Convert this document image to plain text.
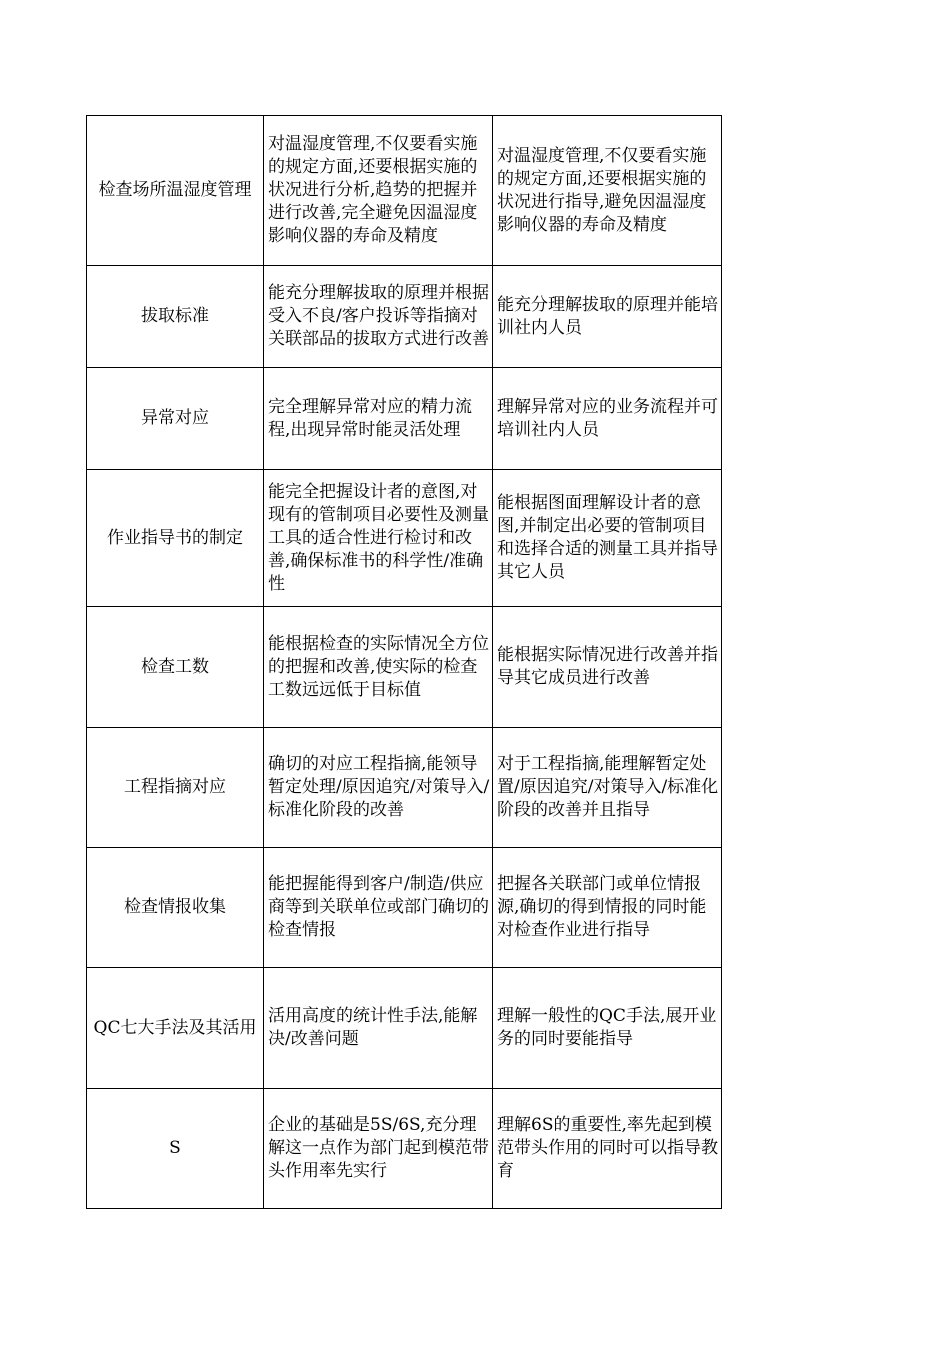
检查场所温湿度管理	对温湿度管理,不仅要看实施的规定方面,还要根据实施的状况进行分析,趋势的把握并进行改善,完全避免因温湿度影响仪器的寿命及精度	对温湿度管理,不仅要看实施的规定方面,还要根据实施的状况进行指导,避免因温湿度影响仪器的寿命及精度
拔取标准	能充分理解拔取的原理并根据受入不良/客户投诉等指摘对关联部品的拔取方式进行改善	能充分理解拔取的原理并能培训社内人员
异常对应	完全理解异常对应的精力流程,出现异常时能灵活处理	理解异常对应的业务流程并可培训社内人员
作业指导书的制定	能完全把握设计者的意图,对现有的管制项目必要性及测量工具的适合性进行检讨和改善,确保标准书的科学性/准确性	能根据图面理解设计者的意图,并制定出必要的管制项目和选择合适的测量工具并指导其它人员
检查工数	能根据检查的实际情况全方位的把握和改善,使实际的检查工数远远低于目标值	能根据实际情况进行改善并指导其它成员进行改善
工程指摘对应	确切的对应工程指摘,能领导暂定处理/原因追究/对策导入/标准化阶段的改善	对于工程指摘,能理解暂定处置/原因追究/对策导入/标准化阶段的改善并且指导
检查情报收集	能把握能得到客户/制造/供应商等到关联单位或部门确切的检查情报	把握各关联部门或单位情报源,确切的得到情报的同时能对检查作业进行指导
QC七大手法及其活用	活用高度的统计性手法,能解决/改善问题	理解一般性的QC手法,展开业务的同时要能指导
S	企业的基础是5S/6S,充分理解这一点作为部门起到模范带头作用率先实行	理解6S的重要性,率先起到模范带头作用的同时可以指导教育
